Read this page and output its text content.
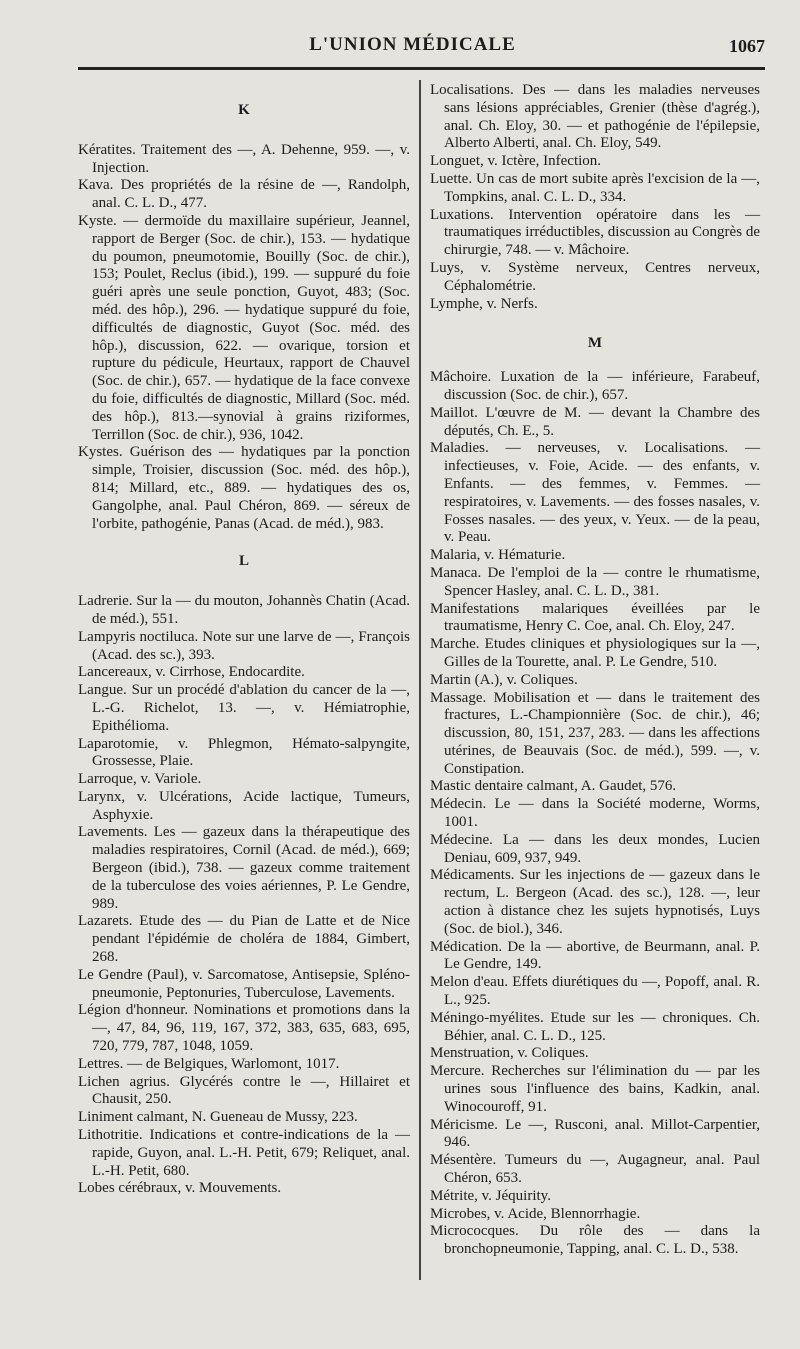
L'UNION MÉDICALE	1067
K

Kératites. Traitement des —, A. Dehenne, 959. —, v. Injection.

Kava. Des propriétés de la résine de —, Randolph, anal. C. L. D., 477.

Kyste. — dermoïde du maxillaire supérieur, Jeannel, rapport de Berger (Soc. de chir.), 153. — hydatique du poumon, pneumotomie, Bouilly (Soc. de chir.), 153; Poulet, Reclus (ibid.), 199. — suppuré du foie guéri après une seule ponction, Guyot, 483; (Soc. méd. des hôp.), 296. — hydatique suppuré du foie, difficultés de diagnostic, Guyot (Soc. méd. des hôp.), discussion, 622. — ovarique, torsion et rupture du pédicule, Heurtaux, rapport de Chauvel (Soc. de chir.), 657. — hydatique de la face convexe du foie, difficultés de diagnostic, Millard (Soc. méd. des hôp.), 813.—synovial à grains riziformes, Terrillon (Soc. de chir.), 936, 1042.

Kystes. Guérison des — hydatiques par la ponction simple, Troisier, discussion (Soc. méd. des hôp.), 814; Millard, etc., 889. — hydatiques des os, Gangolphe, anal. Paul Chéron, 869. — séreux de l'orbite, pathogénie, Panas (Acad. de méd.), 983.

L

Ladrerie. Sur la — du mouton, Johannès Chatin (Acad. de méd.), 551.

Lampyris noctiluca. Note sur une larve de —, François (Acad. des sc.), 393.

Lancereaux, v. Cirrhose, Endocardite.

Langue. Sur un procédé d'ablation du cancer de la —, L.-G. Richelot, 13. —, v. Hémiatrophie, Epithélioma.

Laparotomie, v. Phlegmon, Hémato-salpyngite, Grossesse, Plaie.

Larroque, v. Variole.

Larynx, v. Ulcérations, Acide lactique, Tumeurs, Asphyxie.

Lavements. Les — gazeux dans la thérapeutique des maladies respiratoires, Cornil (Acad. de méd.), 669; Bergeon (ibid.), 738. — gazeux comme traitement de la tuberculose des voies aériennes, P. Le Gendre, 989.

Lazarets. Etude des — du Pian de Latte et de Nice pendant l'épidémie de choléra de 1884, Gimbert, 268.

Le Gendre (Paul), v. Sarcomatose, Antisepsie, Spléno-pneumonie, Peptonuries, Tuberculose, Lavements.

Légion d'honneur. Nominations et promotions dans la —, 47, 84, 96, 119, 167, 372, 383, 635, 683, 695, 720, 779, 787, 1048, 1059.

Lettres. — de Belgiques, Warlomont, 1017.

Lichen agrius. Glycérés contre le —, Hillairet et Chausit, 250.

Liniment calmant, N. Gueneau de Mussy, 223.

Lithotritie. Indications et contre-indications de la — rapide, Guyon, anal. L.-H. Petit, 679; Reliquet, anal. L.-H. Petit, 680.

Lobes cérébraux, v. Mouvements.

Localisations. Des — dans les maladies nerveuses sans lésions appréciables, Grenier (thèse d'agrég.), anal. Ch. Eloy, 30. — et pathogénie de l'épilepsie, Alberto Alberti, anal. Ch. Eloy, 549.

Longuet, v. Ictère, Infection.

Luette. Un cas de mort subite après l'excision de la —, Tompkins, anal. C. L. D., 334.

Luxations. Intervention opératoire dans les — traumatiques irréductibles, discussion au Congrès de chirurgie, 748. — v. Mâchoire.

Luys, v. Système nerveux, Centres nerveux, Céphalométrie.

Lymphe, v. Nerfs.

M

Mâchoire. Luxation de la — inférieure, Farabeuf, discussion (Soc. de chir.), 657.

Maillot. L'œuvre de M. — devant la Chambre des députés, Ch. E., 5.

Maladies. — nerveuses, v. Localisations. — infectieuses, v. Foie, Acide. — des enfants, v. Enfants. — des femmes, v. Femmes. — respiratoires, v. Lavements. — des fosses nasales, v. Fosses nasales. — des yeux, v. Yeux. — de la peau, v. Peau.

Malaria, v. Hématurie.

Manaca. De l'emploi de la — contre le rhumatisme, Spencer Hasley, anal. C. L. D., 381.

Manifestations malariques éveillées par le traumatisme, Henry C. Coe, anal. Ch. Eloy, 247.

Marche. Etudes cliniques et physiologiques sur la —, Gilles de la Tourette, anal. P. Le Gendre, 510.

Martin (A.), v. Coliques.

Massage. Mobilisation et — dans le traitement des fractures, L.-Championnière (Soc. de chir.), 46; discussion, 80, 151, 237, 283. — dans les affections utérines, de Beauvais (Soc. de méd.), 599. —, v. Constipation.

Mastic dentaire calmant, A. Gaudet, 576.

Médecin. Le — dans la Société moderne, Worms, 1001.

Médecine. La — dans les deux mondes, Lucien Deniau, 609, 937, 949.

Médicaments. Sur les injections de — gazeux dans le rectum, L. Bergeon (Acad. des sc.), 128. —, leur action à distance chez les sujets hypnotisés, Luys (Soc. de biol.), 346.

Médication. De la — abortive, de Beurmann, anal. P. Le Gendre, 149.

Melon d'eau. Effets diurétiques du —, Popoff, anal. R. L., 925.

Méningo-myélites. Etude sur les — chroniques. Ch. Béhier, anal. C. L. D., 125.

Menstruation, v. Coliques.

Mercure. Recherches sur l'élimination du — par les urines sous l'influence des bains, Kadkin, anal. Winocouroff, 91.

Méricisme. Le —, Rusconi, anal. Millot-Carpentier, 946.

Mésentère. Tumeurs du —, Augagneur, anal. Paul Chéron, 653.

Métrite, v. Jéquirity.

Microbes, v. Acide, Blennorrhagie.

Micrococques. Du rôle des — dans la bronchopneumonie, Tapping, anal. C. L. D., 538.
